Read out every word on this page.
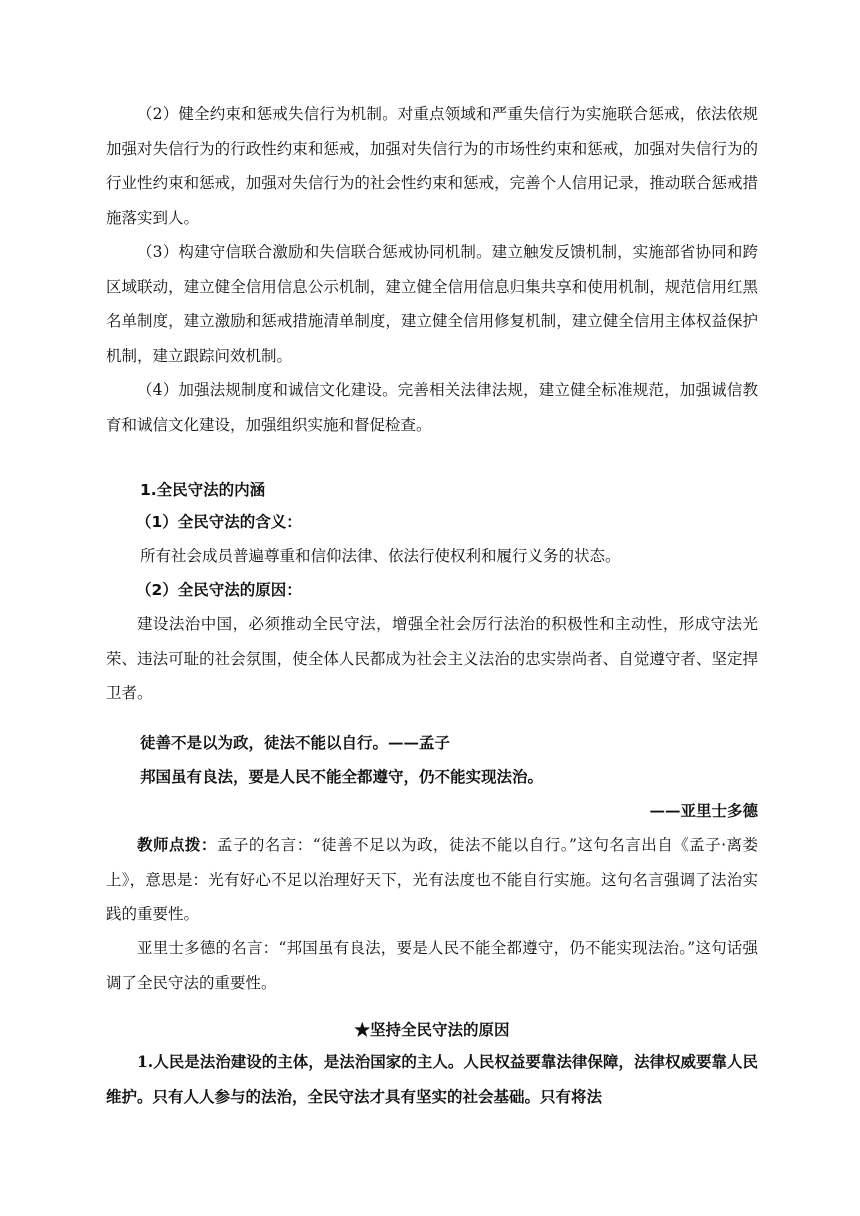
（2）健全约束和惩戒失信行为机制。对重点领域和严重失信行为实施联合惩戒，依法依规加强对失信行为的行政性约束和惩戒，加强对失信行为的市场性约束和惩戒，加强对失信行为的行业性约束和惩戒，加强对失信行为的社会性约束和惩戒，完善个人信用记录，推动联合惩戒措施落实到人。
（3）构建守信联合激励和失信联合惩戒协同机制。建立触发反馈机制，实施部省协同和跨区域联动，建立健全信用信息公示机制，建立健全信用信息归集共享和使用机制，规范信用红黑名单制度，建立激励和惩戒措施清单制度，建立健全信用修复机制，建立健全信用主体权益保护机制，建立跟踪问效机制。
（4）加强法规制度和诚信文化建设。完善相关法律法规，建立健全标准规范，加强诚信教育和诚信文化建设，加强组织实施和督促检查。
1.全民守法的内涵
（1）全民守法的含义：
所有社会成员普遍尊重和信仰法律、依法行使权利和履行义务的状态。
（2）全民守法的原因：
建设法治中国，必须推动全民守法，增强全社会厉行法治的积极性和主动性，形成守法光荣、违法可耻的社会氛围，使全体人民都成为社会主义法治的忠实崇尚者、自觉遵守者、坚定捍卫者。
徒善不是以为政，徒法不能以自行。——孟子
邦国虽有良法，要是人民不能全都遵守，仍不能实现法治。
——亚里士多德
教师点拨：孟子的名言：“徒善不足以为政，徒法不能以自行。”这句名言出自《孟子·离娄上》，意思是：光有好心不足以治理好天下，光有法度也不能自行实施。这句名言强调了法治实践的重要性。
亚里士多德的名言：“邦国虽有良法，要是人民不能全都遵守，仍不能实现法治。”这句话强调了全民守法的重要性。
★坚持全民守法的原因
1.人民是法治建设的主体，是法治国家的主人。人民权益要靠法律保障，法律权威要靠人民维护。只有人人参与的法治，全民守法才具有坚实的社会基础。只有将法
